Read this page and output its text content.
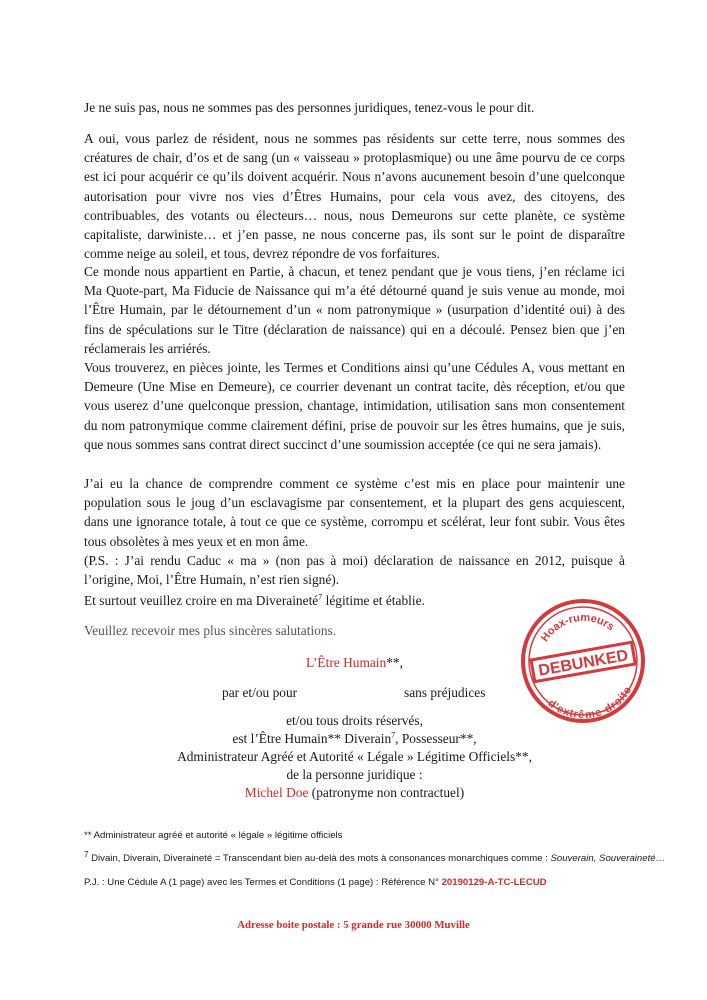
Je ne suis pas, nous ne sommes pas des personnes juridiques, tenez-vous le pour dit.

A oui, vous parlez de résident, nous ne sommes pas résidents sur cette terre, nous sommes des créatures de chair, d’os et de sang (un « vaisseau » protoplasmique) ou une âme pourvu de ce corps est ici pour acquérir ce qu’ils doivent acquérir. Nous n’avons aucunement besoin d’une quelconque autorisation pour vivre nos vies d’Êtres Humains, pour cela vous avez, des citoyens, des contribuables, des votants ou électeurs… nous, nous Demeurons sur cette planète, ce système capitaliste, darwiniste… et j’en passe, ne nous concerne pas, ils sont sur le point de disparaître comme neige au soleil, et tous, devrez répondre de vos forfaitures.

Ce monde nous appartient en Partie, à chacun, et tenez pendant que je vous tiens, j’en réclame ici Ma Quote-part, Ma Fiducie de Naissance qui m’a été détourné quand je suis venue au monde, moi l’Être Humain, par le détournement d’un « nom patronymique » (usurpation d’identité oui) à des fins de spéculations sur le Titre (déclaration de naissance) qui en a découlé. Pensez bien que j’en réclamerais les arriérés.

Vous trouverez, en pièces jointe, les Termes et Conditions ainsi qu’une Cédules A, vous mettant en Demeure (Une Mise en Demeure), ce courrier devenant un contrat tacite, dès réception, et/ou que vous userez d’une quelconque pression, chantage, intimidation, utilisation sans mon consentement du nom patronymique comme clairement défini, prise de pouvoir sur les êtres humains, que je suis, que nous sommes sans contrat direct succinct d’une soumission acceptée (ce qui ne sera jamais).

J’ai eu la chance de comprendre comment ce système c’est mis en place pour maintenir une population sous le joug d’un esclavagisme par consentement, et la plupart des gens acquiescent, dans une ignorance totale, à tout ce que ce système, corrompu et scélérat, leur font subir. Vous êtes tous obsolètes à mes yeux et en mon âme.
(P.S. : J’ai rendu Caduc « ma » (non pas à moi) déclaration de naissance en 2012, puisque à l’origine, Moi, l’Être Humain, n’est rien signé).

Et surtout veuillez croire en ma Diveraineté$^7$ légitime et établie.

Veuillez recevoir mes plus sincères salutations.

L’Être Humain**,
par et/ou pour	sans préjudices
et/ou tous droits réservés,
est l’Être Humain** Diverain$^7$, Possesseur**,
Administrateur Agréé et Autorité « Légale » Légitime Officiels**,
de la personne juridique :
Michel Doe (patronyme non contractuel)
** Administrateur agréé et autorité « légale » légitime officiels
$^7$ Divain, Diverain, Diveraineté = Transcendant bien au-delà des mots à consonances monarchiques comme : Souverain, Souveraineté…
P.J. : Une Cédule A (1 page) avec les Termes et Conditions (1 page) : Référence N° 20190129-A-TC-LECUD
Adresse boite postale : 5 grande rue 30000 Muville
Hoax-rumeurs
DEBUNKED
d'extrême-droite
